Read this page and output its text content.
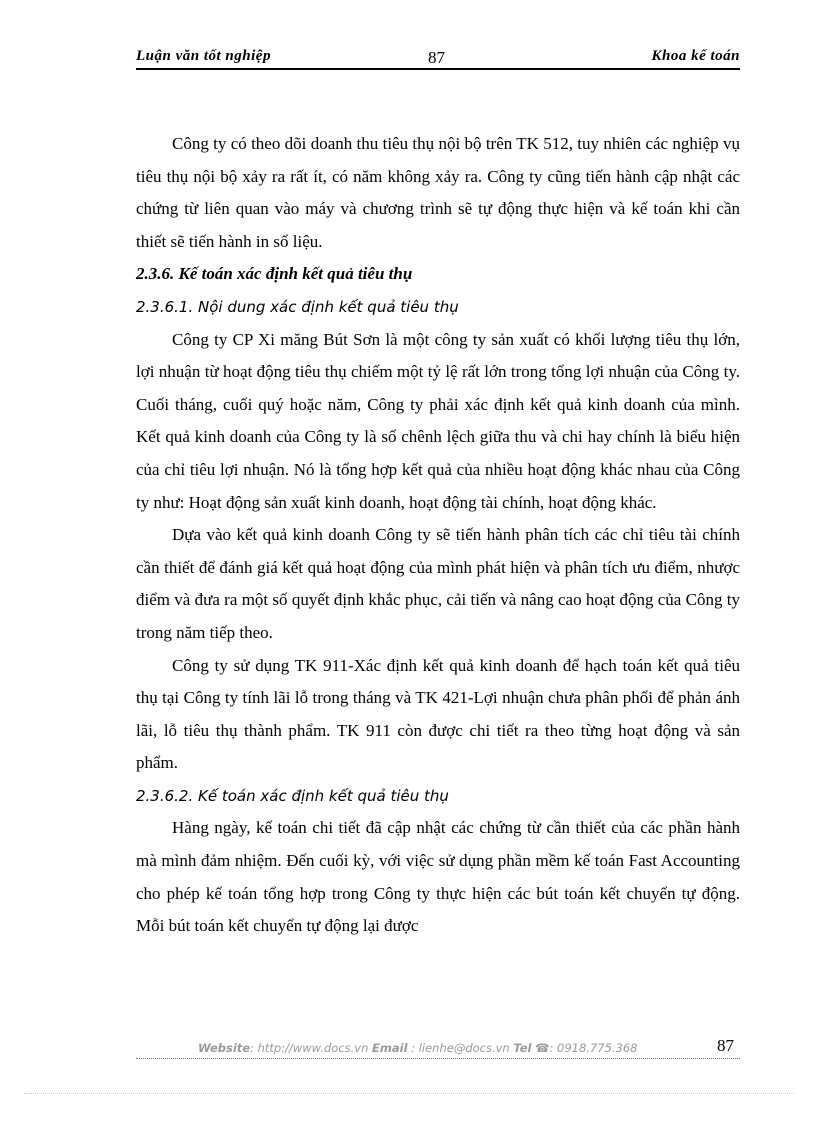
Luận văn tốt nghiệp	87	Khoa kế toán

Công ty có theo dõi doanh thu tiêu thụ nội bộ trên TK 512, tuy nhiên các nghiệp vụ tiêu thụ nội bộ xảy ra rất ít, có năm không xảy ra. Công ty cũng tiến hành cập nhật các chứng từ liên quan vào máy và chương trình sẽ tự động thực hiện và kế toán khi cần thiết sẽ tiến hành in số liệu.

2.3.6. Kế toán xác định kết quả tiêu thụ

2.3.6.1. Nội dung xác định kết quả tiêu thụ

Công ty CP Xi măng Bút Sơn là một công ty sản xuất có khối lượng tiêu thụ lớn, lợi nhuận từ hoạt động tiêu thụ chiếm một tỷ lệ rất lớn trong tổng lợi nhuận của Công ty. Cuối tháng, cuối quý hoặc năm, Công ty phải xác định kết quả kinh doanh của mình. Kết quả kinh doanh của Công ty là số chênh lệch giữa thu và chi hay chính là biểu hiện của chỉ tiêu lợi nhuận. Nó là tổng hợp kết quả của nhiều hoạt động khác nhau của Công ty như: Hoạt động sản xuất kinh doanh, hoạt động tài chính, hoạt động khác.

Dựa vào kết quả kinh doanh Công ty sẽ tiến hành phân tích các chỉ tiêu tài chính cần thiết để đánh giá kết quả hoạt động của mình phát hiện và phân tích ưu điểm, nhược điểm và đưa ra một số quyết định khắc phục, cải tiến và nâng cao hoạt động của Công ty trong năm tiếp theo.

Công ty sử dụng TK 911-Xác định kết quả kinh doanh để hạch toán kết quả tiêu thụ tại Công ty tính lãi lỗ trong tháng và TK 421-Lợi nhuận chưa phân phối để phản ánh lãi, lỗ tiêu thụ thành phẩm. TK 911 còn được chi tiết ra theo từng hoạt động và sản phẩm.

2.3.6.2. Kế toán xác định kết quả tiêu thụ

Hàng ngày, kế toán chi tiết đã cập nhật các chứng từ cần thiết của các phần hành mà mình đảm nhiệm. Đến cuối kỳ, với việc sử dụng phần mềm kế toán Fast Accounting cho phép kế toán tổng hợp trong Công ty thực hiện các bút toán kết chuyển tự động. Mỗi bút toán kết chuyển tự động lại được

Website: http://www.docs.vn Email : lienhe@docs.vn Tel ☎: 0918.775.368	87
